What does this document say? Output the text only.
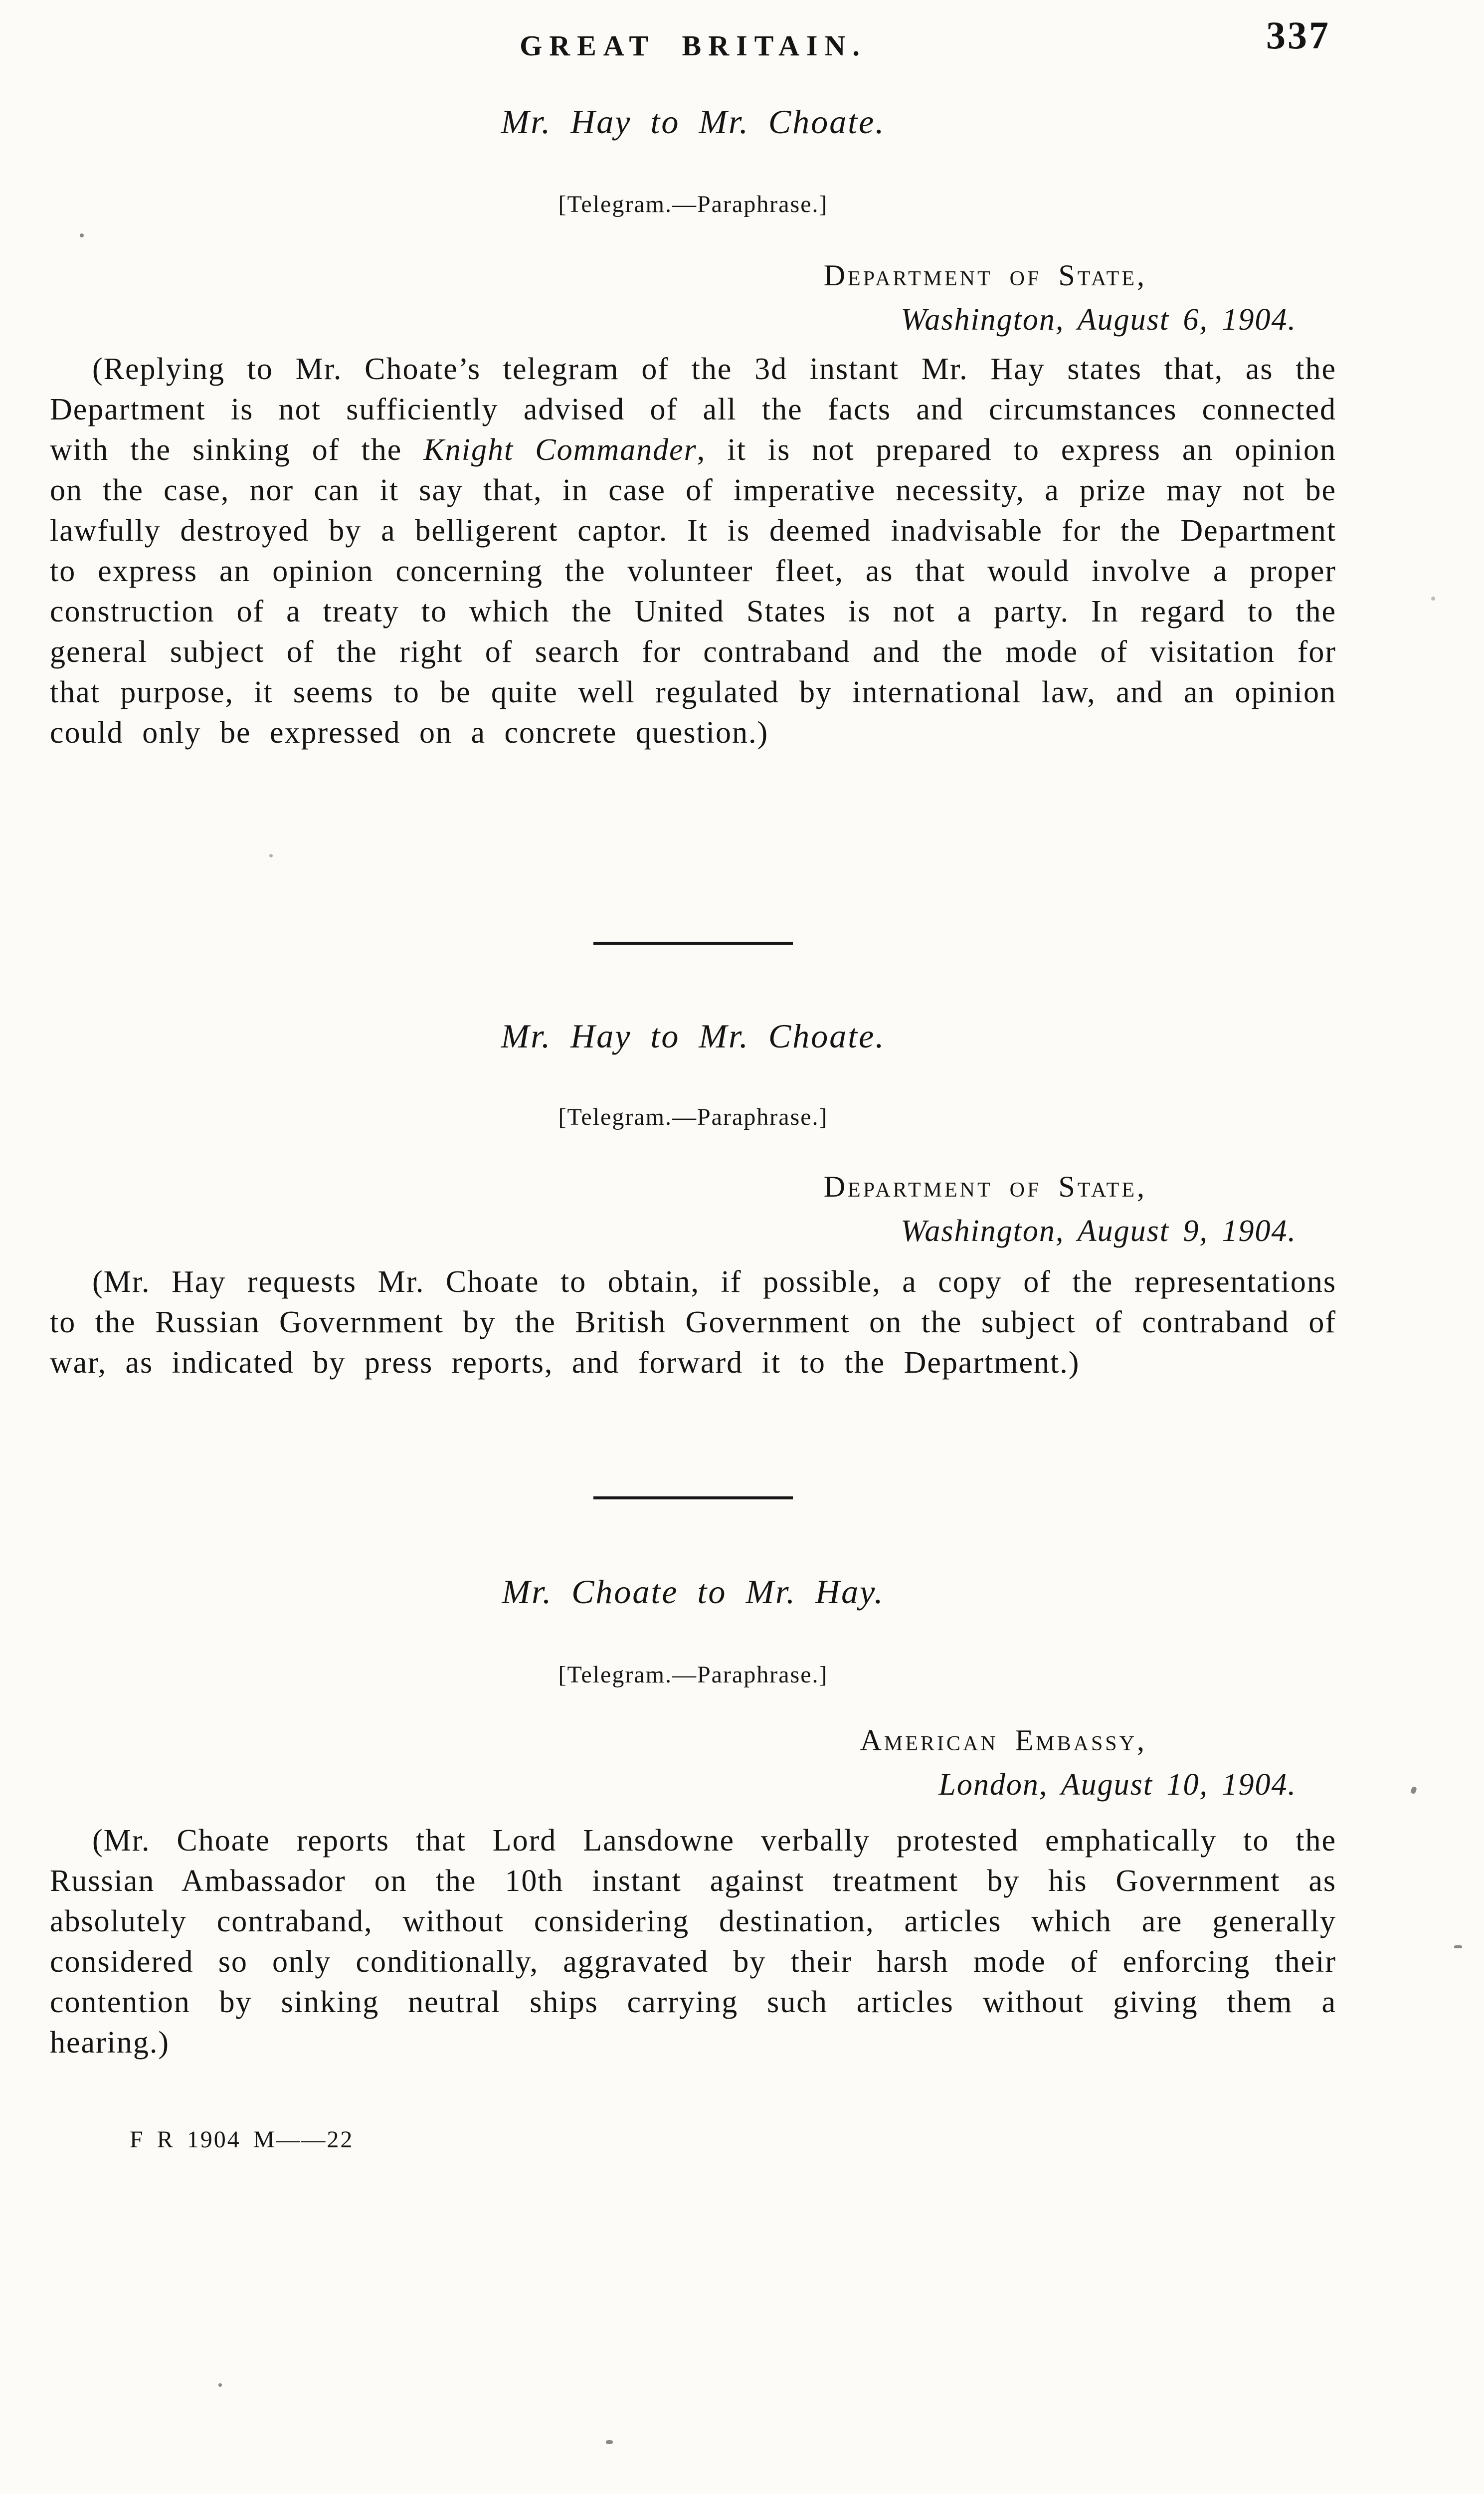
GREAT BRITAIN.	337
Mr. Hay to Mr. Choate.
[Telegram.—Paraphrase.]
Department of State,
Washington, August 6, 1904.

(Replying to Mr. Choate’s telegram of the 3d instant Mr. Hay states that, as the Department is not sufficiently advised of all the facts and circumstances connected with the sinking of the Knight Commander, it is not prepared to express an opinion on the case, nor can it say that, in case of imperative necessity, a prize may not be lawfully destroyed by a belligerent captor. It is deemed inadvisable for the Department to express an opinion concerning the volunteer fleet, as that would involve a proper construction of a treaty to which the United States is not a party. In regard to the general subject of the right of search for contraband and the mode of visitation for that purpose, it seems to be quite well regulated by international law, and an opinion could only be expressed on a concrete question.)

Mr. Hay to Mr. Choate.
[Telegram.—Paraphrase.]
Department of State,
Washington, August 9, 1904.

(Mr. Hay requests Mr. Choate to obtain, if possible, a copy of the representations to the Russian Government by the British Government on the subject of contraband of war, as indicated by press reports, and forward it to the Department.)

Mr. Choate to Mr. Hay.
[Telegram.—Paraphrase.]
American Embassy,
London, August 10, 1904.

(Mr. Choate reports that Lord Lansdowne verbally protested emphatically to the Russian Ambassador on the 10th instant against treatment by his Government as absolutely contraband, without considering destination, articles which are generally considered so only conditionally, aggravated by their harsh mode of enforcing their contention by sinking neutral ships carrying such articles without giving them a hearing.)

F R 1904 M——22
